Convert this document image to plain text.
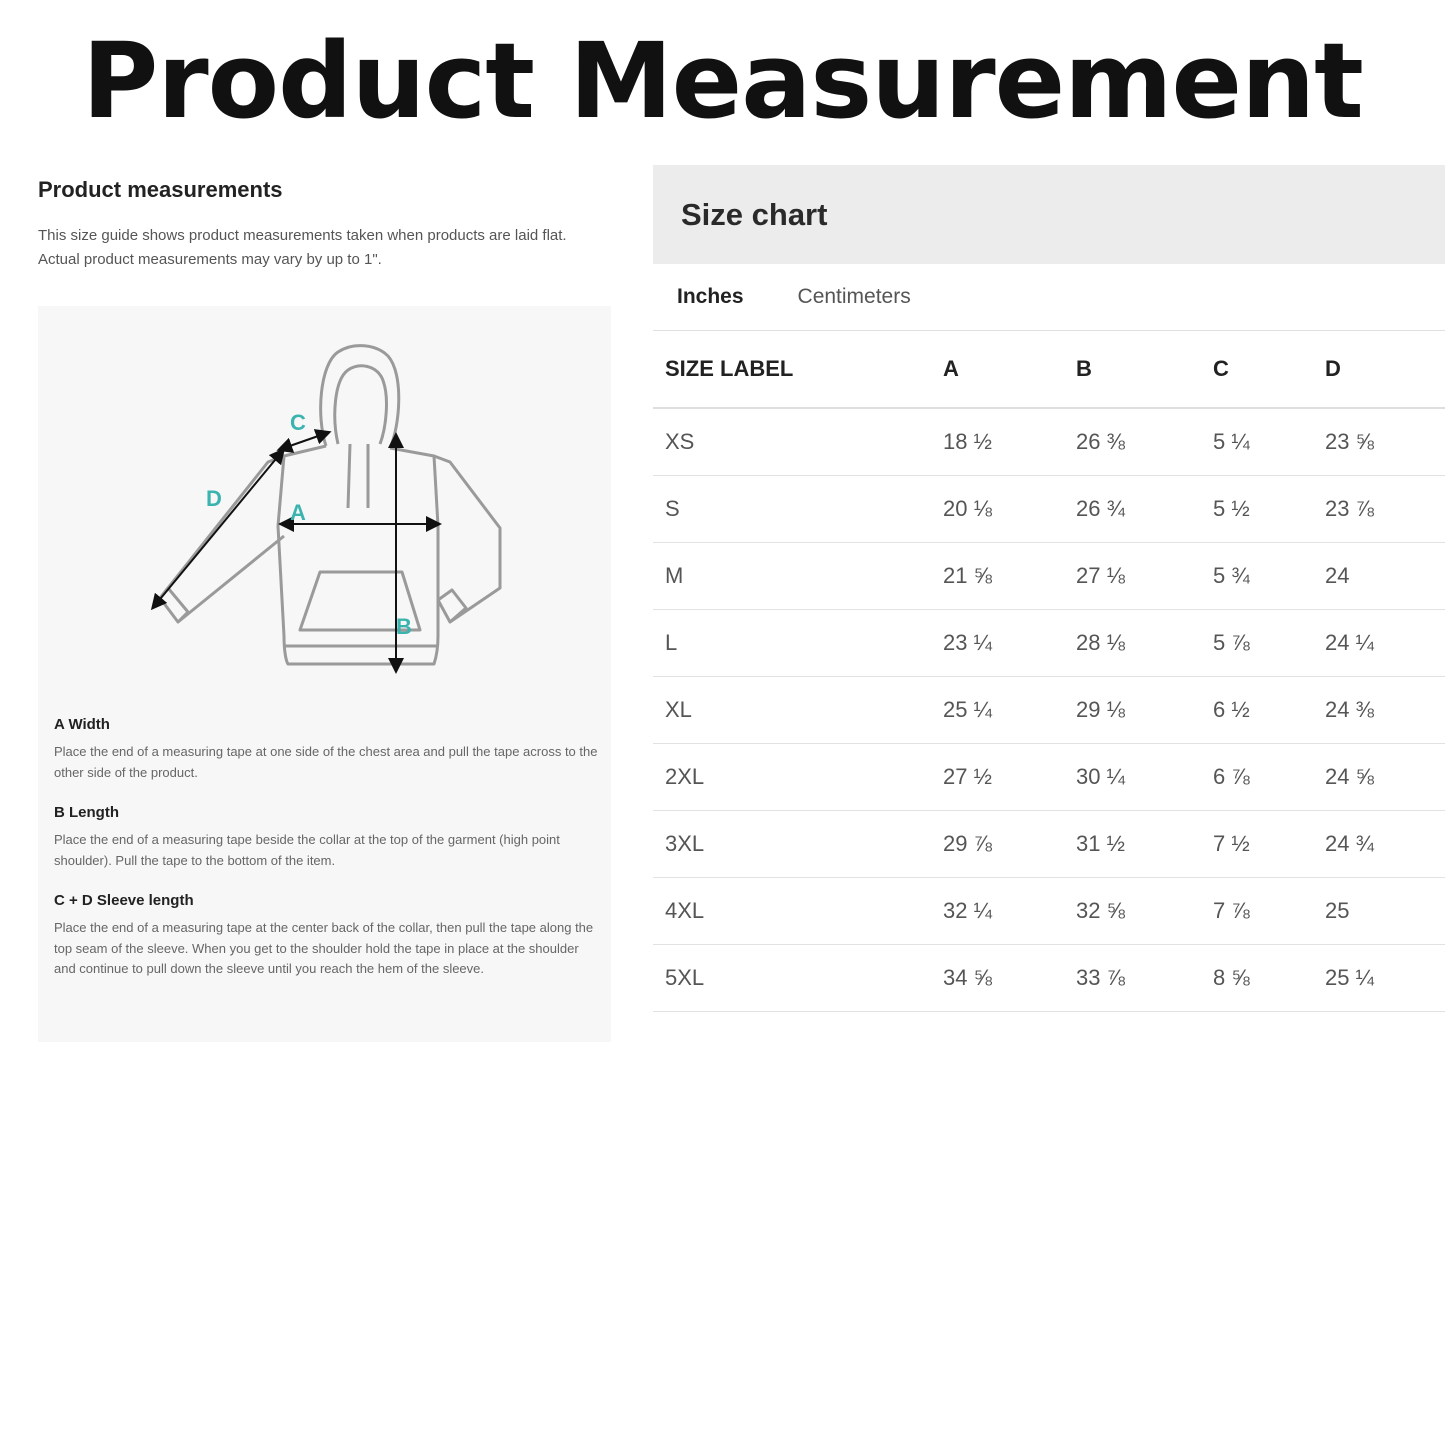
Product Measurement
Product measurements

This size guide shows product measurements taken when products are laid flat.
Actual product measurements may vary by up to 1".

A
B
C
D

A Width

Place the end of a measuring tape at one side of the chest area and pull the tape across to the other side of the product.

B Length

Place the end of a measuring tape beside the collar at the top of the garment (high point shoulder). Pull the tape to the bottom of the item.

C + D Sleeve length

Place the end of a measuring tape at the center back of the collar, then pull the tape along the top seam of the sleeve. When you get to the shoulder hold the tape in place at the shoulder and continue to pull down the sleeve until you reach the hem of the sleeve.

Size chart
Inches	Centimeters
SIZE LABEL	A	B	C	D
XS	18 ½	26 ⅜	5 ¼	23 ⅝
S	20 ⅛	26 ¾	5 ½	23 ⅞
M	21 ⅝	27 ⅛	5 ¾	24
L	23 ¼	28 ⅛	5 ⅞	24 ¼
XL	25 ¼	29 ⅛	6 ½	24 ⅜
2XL	27 ½	30 ¼	6 ⅞	24 ⅝
3XL	29 ⅞	31 ½	7 ½	24 ¾
4XL	32 ¼	32 ⅝	7 ⅞	25
5XL	34 ⅝	33 ⅞	8 ⅝	25 ¼
